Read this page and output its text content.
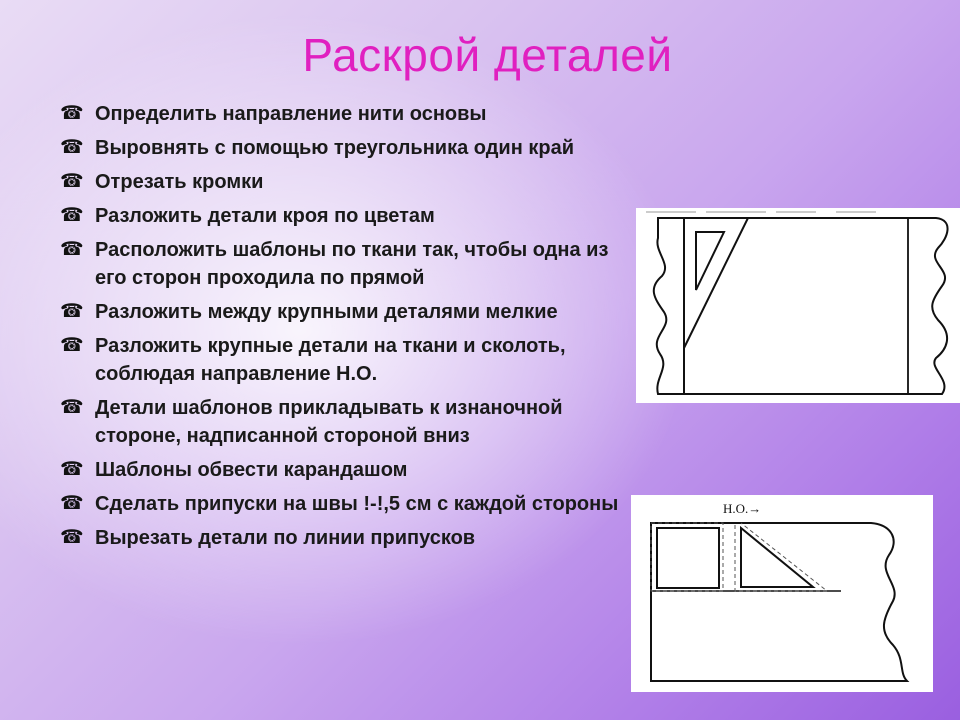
Раскрой деталей
☎ Определить направление нити основы
☎ Выровнять с помощью треугольника один край
☎ Отрезать кромки
☎ Разложить детали кроя по цветам
☎ Расположить шаблоны по ткани так, чтобы одна из его сторон проходила по прямой
☎ Разложить между крупными деталями мелкие
☎ Разложить крупные детали на ткани и сколоть, соблюдая направление Н.О.
☎ Детали шаблонов прикладывать к изнаночной стороне, надписанной стороной вниз
☎ Шаблоны обвести карандашом
☎ Сделать припуски на швы !-!,5 см с каждой стороны
☎ Вырезать детали по линии припусков
Н.О.→
